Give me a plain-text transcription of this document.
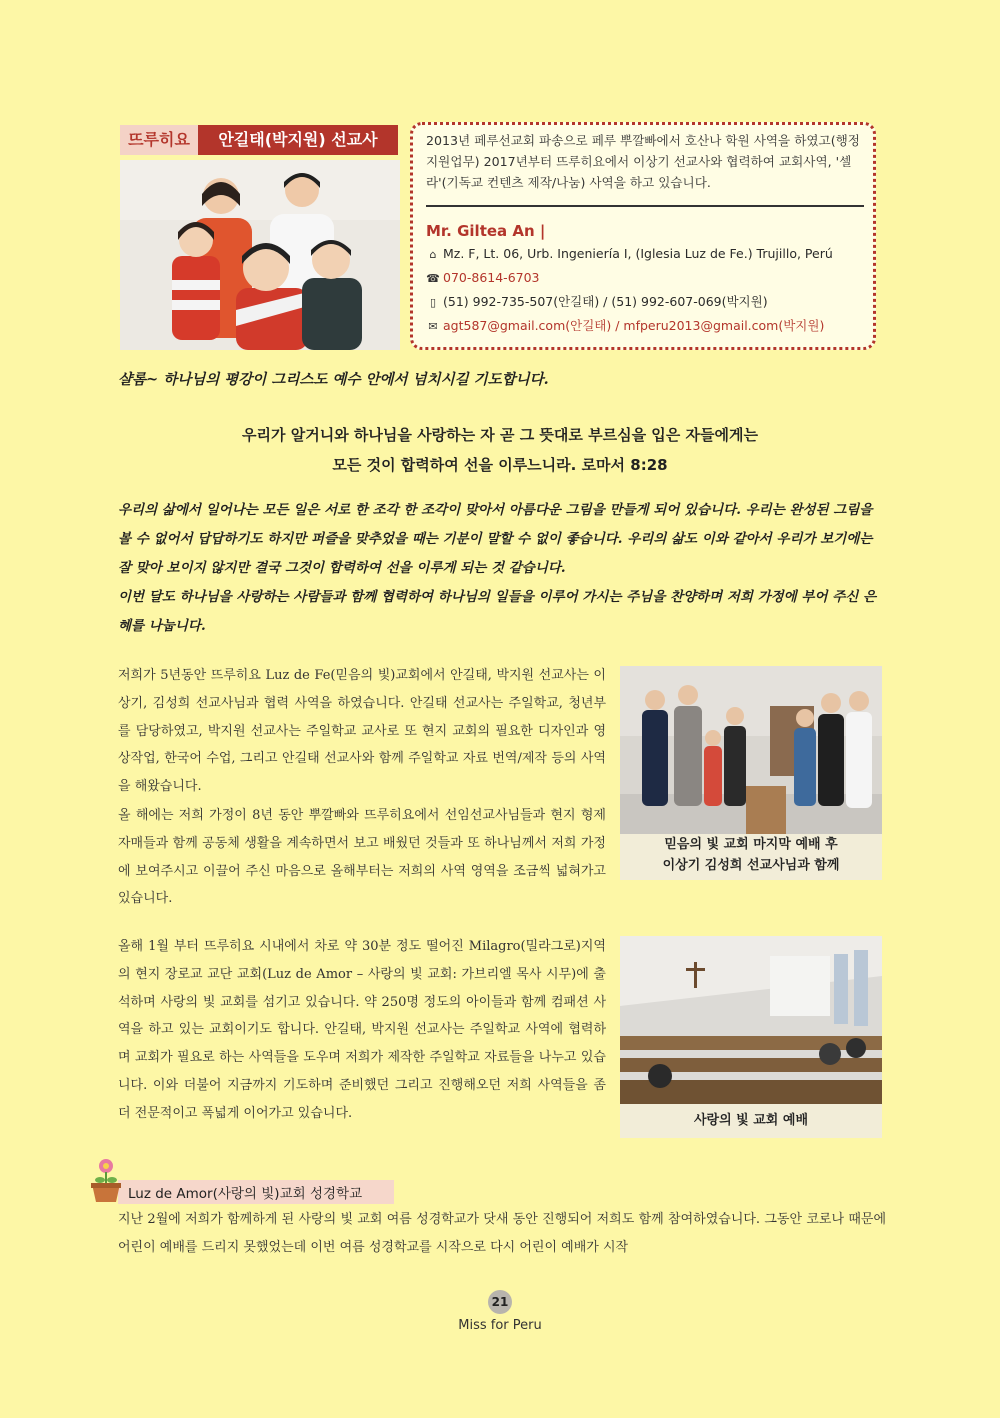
뜨루히요	안길태(박지원) 선교사	2013년 페루선교회 파송으로 페루 뿌깔빠에서 호산나 학원 사역을 하였고(행정지원업무) 2017년부터 뜨루히요에서 이상기 선교사와 협력하여 교회사역, '셀라'(기독교 컨텐츠 제작/나눔) 사역을 하고 있습니다.

Mr. Giltea An |
⌂ Mz. F, Lt. 06, Urb. Ingeniería I, (Iglesia Luz de Fe.) Trujillo, Perú
☎ 070-8614-6703
▯ (51) 992-735-507(안길태) / (51) 992-607-069(박지원)
✉ agt587@gmail.com(안길태) / mfperu2013@gmail.com(박지원)

샬롬~ 하나님의 평강이 그리스도 예수 안에서 넘치시길 기도합니다.

우리가 알거니와 하나님을 사랑하는 자 곧 그 뜻대로 부르심을 입은 자들에게는
모든 것이 합력하여 선을 이루느니라. 로마서 8:28

우리의 삶에서 일어나는 모든 일은 서로 한 조각 한 조각이 맞아서 아름다운 그림을 만들게 되어 있습니다. 우리는 완성된 그림을 볼 수 없어서 답답하기도 하지만 퍼즐을 맞추었을 때는 기분이 말할 수 없이 좋습니다. 우리의 삶도 이와 같아서 우리가 보기에는 잘 맞아 보이지 않지만 결국 그것이 합력하여 선을 이루게 되는 것 같습니다.

이번 달도 하나님을 사랑하는 사람들과 함께 협력하여 하나님의 일들을 이루어 가시는 주님을 찬양하며 저희 가정에 부어 주신 은혜를 나눕니다.

저희가 5년동안 뜨루히요 Luz de Fe(믿음의 빛)교회에서 안길태, 박지원 선교사는 이상기, 김성희 선교사님과 협력 사역을 하였습니다. 안길태 선교사는 주일학교, 청년부를 담당하였고, 박지원 선교사는 주일학교 교사로 또 현지 교회의 필요한 디자인과 영상작업, 한국어 수업, 그리고 안길태 선교사와 함께 주일학교 자료 번역/제작 등의 사역을 해왔습니다.

올 해에는 저희 가정이 8년 동안 뿌깔빠와 뜨루히요에서 선임선교사님들과 현지 형제 자매들과 함께 공동체 생활을 계속하면서 보고 배웠던 것들과 또 하나님께서 저희 가정에 보여주시고 이끌어 주신 마음으로 올해부터는 저희의 사역 영역을 조금씩 넓혀가고 있습니다.

올해 1월 부터 뜨루히요 시내에서 차로 약 30분 정도 떨어진 Milagro(밀라그로)지역의 현지 장로교 교단 교회(Luz de Amor – 사랑의 빛 교회: 가브리엘 목사 시무)에 출석하며 사랑의 빛 교회를 섬기고 있습니다. 약 250명 정도의 아이들과 함께 컴패션 사역을 하고 있는 교회이기도 합니다. 안길태, 박지원 선교사는 주일학교 사역에 협력하며 교회가 필요로 하는 사역들을 도우며 저희가 제작한 주일학교 자료들을 나누고 있습니다. 이와 더불어 지금까지 기도하며 준비했던 그리고 진행해오던 저희 사역들을 좀 더 전문적이고 폭넓게 이어가고 있습니다.

믿음의 빛 교회 마지막 예배 후
이상기 김성희 선교사님과 함께
사랑의 빛 교회 예배
Luz de Amor(사랑의 빛)교회 성경학교

지난 2월에 저희가 함께하게 된 사랑의 빛 교회 여름 성경학교가 닷새 동안 진행되어 저희도 함께 참여하였습니다. 그동안 코로나 때문에 어린이 예배를 드리지 못했었는데 이번 여름 성경학교를 시작으로 다시 어린이 예배가 시작

21
Miss for Peru
